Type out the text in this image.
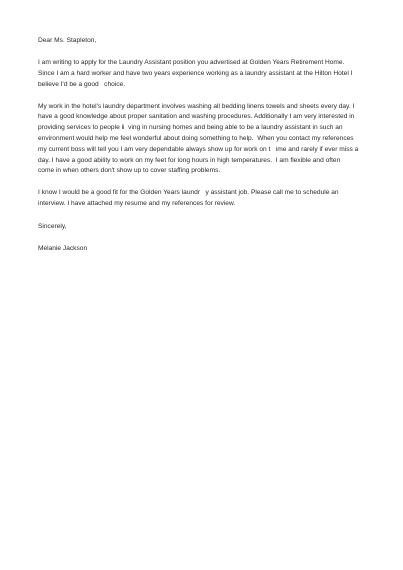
Dear Ms. Stapleton,
I am writing to apply for the Laundry Assistant position you advertised at Golden Years Retirement Home.
Since I am a hard worker and have two years experience working as a laundry assistant at the Hilton Hotel I
believe I'd be a good   choice.
My work in the hotel's laundry department involves washing all bedding linens towels and sheets every day. I
have a good knowledge about proper sanitation and washing procedures. Additionally I am very interested in
providing services to people li  ving in nursing homes and being able to be a laundry assistant in such an
environment would help me feel wonderful about doing something to help.  When you contact my references
my current boss will tell you I am very dependable always show up for work on t   ime and rarely if ever miss a
day. I have a good ability to work on my feet for long hours in high temperatures.  I am flexible and often
come in when others don't show up to cover staffing problems.
I know I would be a good fit for the Golden Years laundr   y assistant job. Please call me to schedule an
interview. I have attached my resume and my references for review.
Sincerely,
Melanie Jackson
